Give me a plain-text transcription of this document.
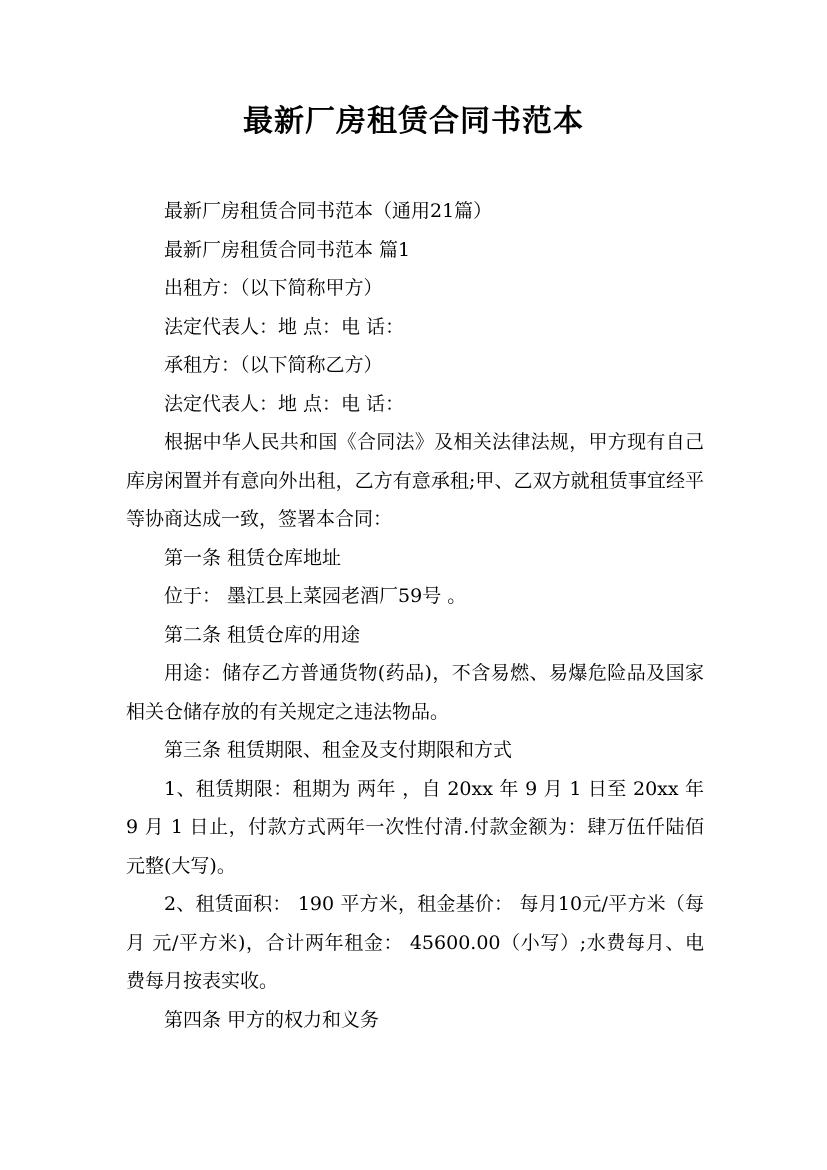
最新厂房租赁合同书范本

最新厂房租赁合同书范本（通用21篇）

最新厂房租赁合同书范本 篇1

出租方：（以下简称甲方）

法定代表人：地 点：电 话：

承租方：（以下简称乙方）

法定代表人：地 点：电 话：

根据中华人民共和国《合同法》及相关法律法规，甲方现有自己库房闲置并有意向外出租，乙方有意承租;甲、乙双方就租赁事宜经平等协商达成一致，签署本合同：

第一条 租赁仓库地址

位于： 墨江县上菜园老酒厂59号 。

第二条 租赁仓库的用途

用途：储存乙方普通货物(药品)，不含易燃、易爆危险品及国家相关仓储存放的有关规定之违法物品。

第三条 租赁期限、租金及支付期限和方式

1、租赁期限：租期为 两年 ，自 20xx 年 9 月 1 日至 20xx 年 9 月 1 日止，付款方式两年一次性付清.付款金额为：肆万伍仟陆佰元整(大写)。

2、租赁面积： 190 平方米，租金基价： 每月10元/平方米（每月 元/平方米)，合计两年租金： 45600.00（小写）;水费每月、电费每月按表实收。

第四条 甲方的权力和义务
